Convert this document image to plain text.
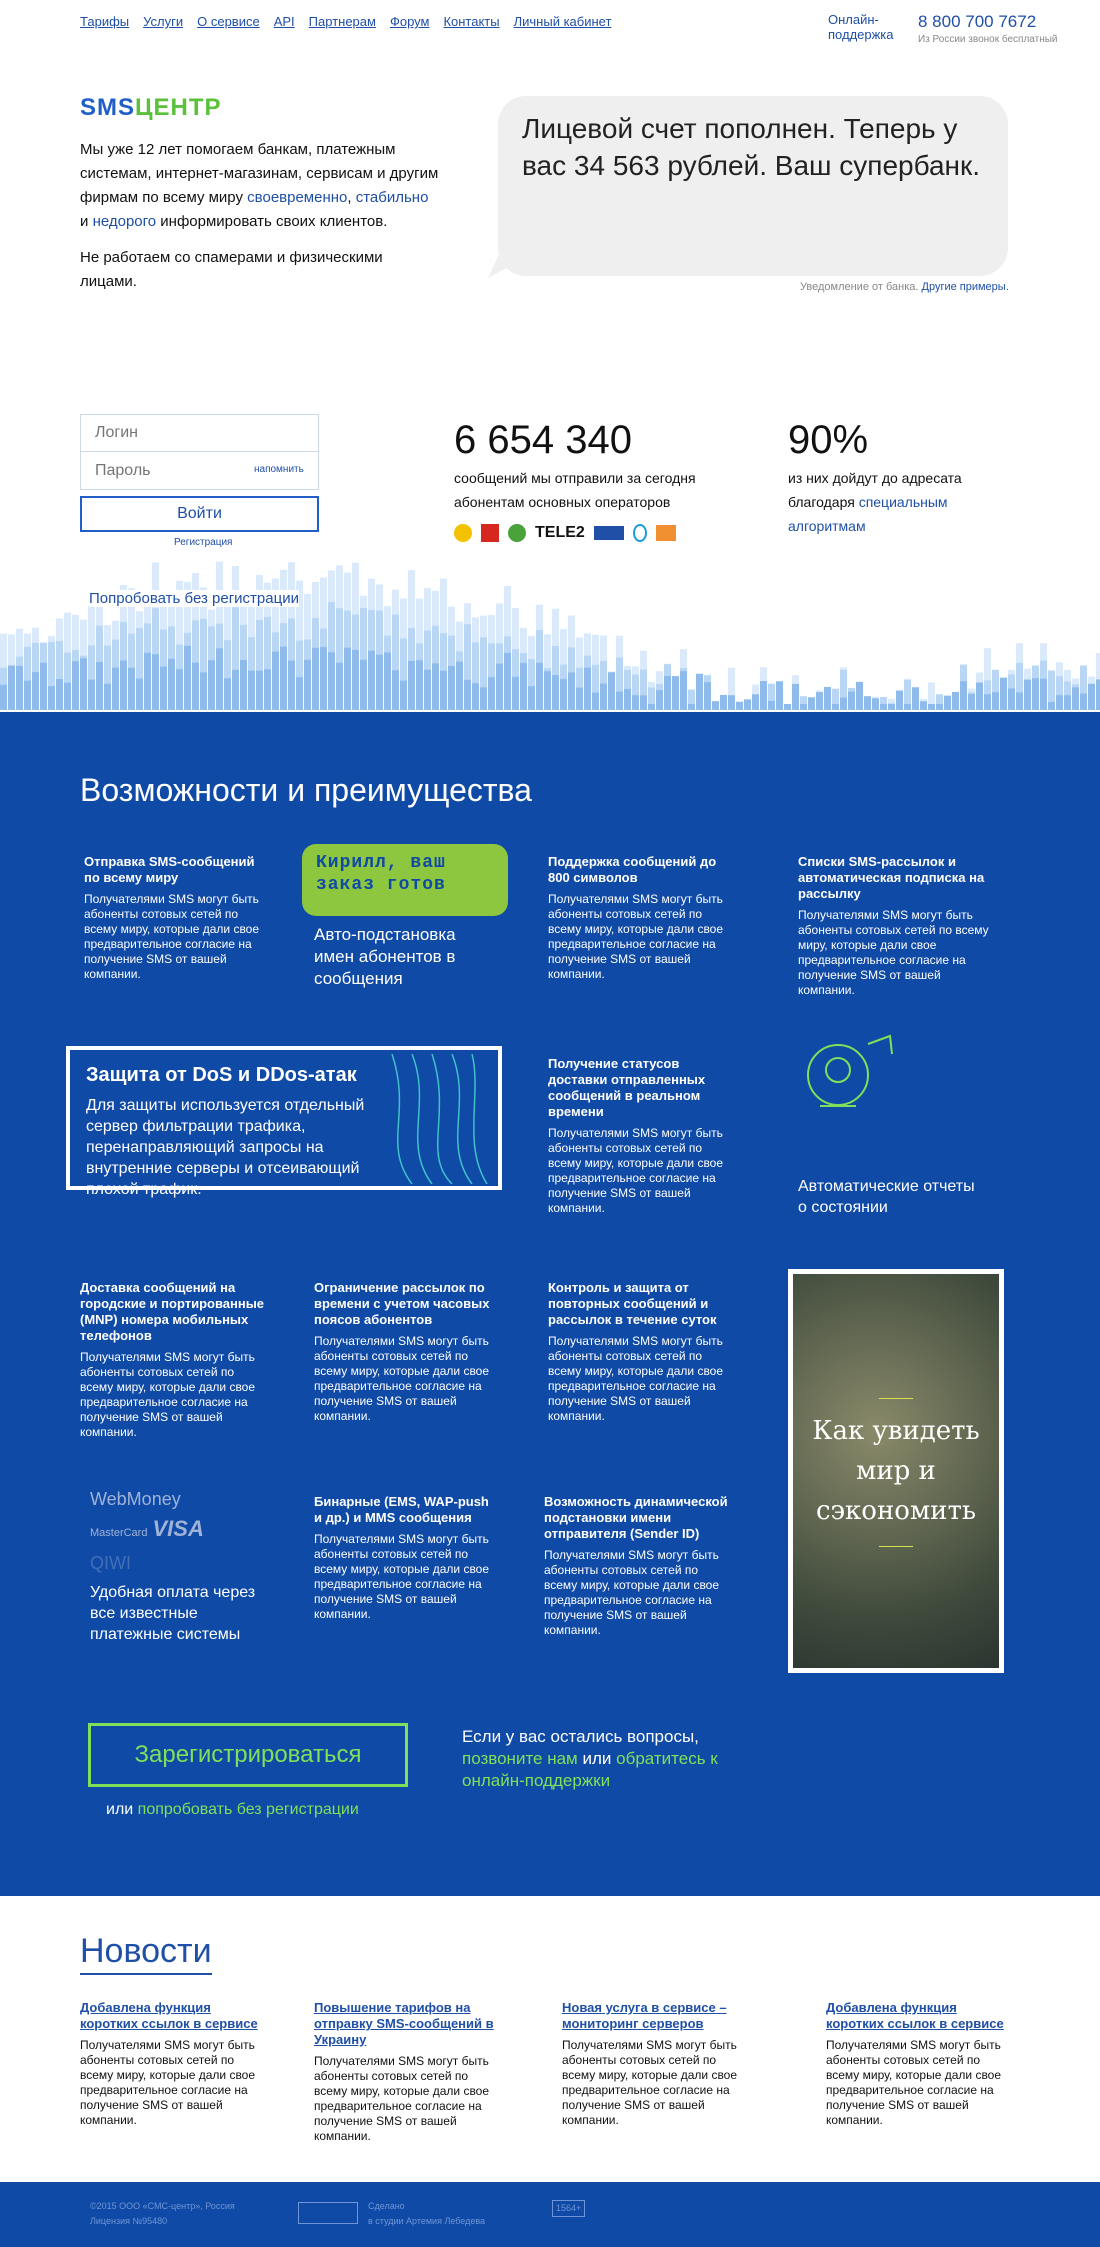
Тарифы Услуги О сервисе API Партнерам Форум Контакты Личный кабинет	Онлайн-поддержка
8 800 700 7672
Из России звонок бесплатный
SMSЦЕНТР
Мы уже 12 лет помогаем банкам, платежным системам, интернет-магазинам, сервисам и другим фирмам по всему миру своевременно, стабильно и недорого информировать своих клиентов.

Не работаем со спамерами и физическими лицами.

Лицевой счет пополнен. Теперь у вас 34 563 рублей. Ваш супербанк.
Уведомление от банка. Другие примеры.
Логин
Пароль
напомнить
Войти
Регистрация
Попробовать без регистрации
6 654 340
сообщений мы отправили за сегодня абонентам основных операторов
TELE2
90%
из них дойдут до адресата благодаря специальным алгоритмам
Возможности и преимущества
Отправка SMS-сообщений по всему миру
Получателями SMS могут быть абоненты сотовых сетей по всему миру, которые дали свое предварительное согласие на получение SMS от вашей компании.
Кирилл, ваш заказ готов
Авто-подстановка имен абонентов в сообщения
Поддержка сообщений до 800 символов
Получателями SMS могут быть абоненты сотовых сетей по всему миру, которые дали свое предварительное согласие на получение SMS от вашей компании.
Списки SMS-рассылок и автоматическая подписка на рассылку
Получателями SMS могут быть абоненты сотовых сетей по всему миру, которые дали свое предварительное согласие на получение SMS от вашей компании.
Защита от DoS и DDos-атак
Для защиты используется отдельный сервер фильтрации трафика, перенаправляющий запросы на внутренние серверы и отсеивающий плохой трафик.
Получение статусов доставки отправленных сообщений в реальном времени
Получателями SMS могут быть абоненты сотовых сетей по всему миру, которые дали свое предварительное согласие на получение SMS от вашей компании.
Автоматические отчеты о состоянии
Доставка сообщений на городские и портированные (MNP) номера мобильных телефонов
Получателями SMS могут быть абоненты сотовых сетей по всему миру, которые дали свое предварительное согласие на получение SMS от вашей компании.
Ограничение рассылок по времени с учетом часовых поясов абонентов
Получателями SMS могут быть абоненты сотовых сетей по всему миру, которые дали свое предварительное согласие на получение SMS от вашей компании.
Контроль и защита от повторных сообщений и рассылок в течение суток
Получателями SMS могут быть абоненты сотовых сетей по всему миру, которые дали свое предварительное согласие на получение SMS от вашей компании.	Как увидеть мир и сэкономить
WebMoney
MasterCard VISA
QIWI
Удобная оплата через все известные платежные системы
Бинарные (EMS, WAP-push и др.) и MMS сообщения
Получателями SMS могут быть абоненты сотовых сетей по всему миру, которые дали свое предварительное согласие на получение SMS от вашей компании.
Возможность динамической подстановки имени отправителя (Sender ID)
Получателями SMS могут быть абоненты сотовых сетей по всему миру, которые дали свое предварительное согласие на получение SMS от вашей компании.
Зарегистрироваться
или попробовать без регистрации
Если у вас остались вопросы, позвоните нам или обратитесь к онлайн-поддержки
Новости
Добавлена функция коротких ссылок в сервисе

Получателями SMS могут быть абоненты сотовых сетей по всему миру, которые дали свое предварительное согласие на получение SMS от вашей компании.

Повышение тарифов на отправку SMS-сообщений в Украину

Получателями SMS могут быть абоненты сотовых сетей по всему миру, которые дали свое предварительное согласие на получение SMS от вашей компании.

Новая услуга в сервисе – мониторинг серверов

Получателями SMS могут быть абоненты сотовых сетей по всему миру, которые дали свое предварительное согласие на получение SMS от вашей компании.

Добавлена функция коротких ссылок в сервисе

Получателями SMS могут быть абоненты сотовых сетей по всему миру, которые дали свое предварительное согласие на получение SMS от вашей компании.

©2015 ООО «СМС-центр», Россия
Лицензия №95480
Сделано
в студии Артемия Лебедева
1564+
